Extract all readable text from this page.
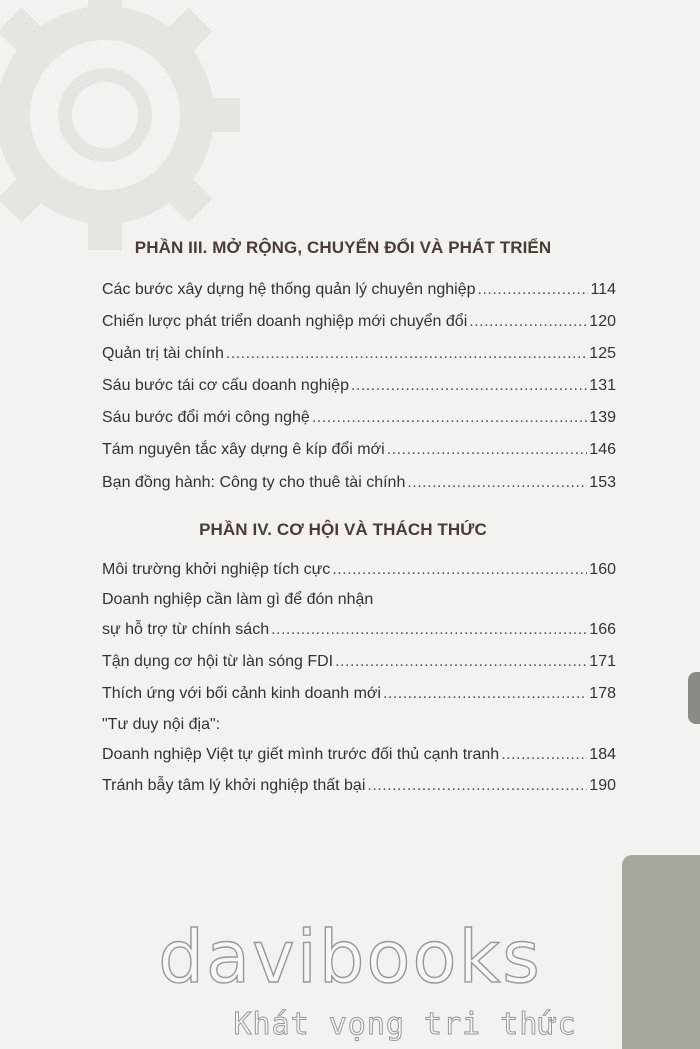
PHẦN III. MỞ RỘNG, CHUYỂN ĐỔI VÀ PHÁT TRIỂN
Các bước xây dựng hệ thống quản lý chuyên nghiệp .....	114
Chiến lược phát triển doanh nghiệp mới chuyển đổi .....	120
Quản trị tài chính .....	125
Sáu bước tái cơ cấu doanh nghiệp .....	131
Sáu bước đổi mới công nghệ .....	139
Tám nguyên tắc xây dựng ê kíp đổi mới .....	146
Bạn đồng hành: Công ty cho thuê tài chính .....	153
PHẦN IV. CƠ HỘI VÀ THÁCH THỨC
Môi trường khởi nghiệp tích cực .....	160
Doanh nghiệp cần làm gì để đón nhận
sự hỗ trợ từ chính sách .....	166
Tận dụng cơ hội từ làn sóng FDI .....	171
Thích ứng với bối cảnh kinh doanh mới .....	178
"Tư duy nội địa":
Doanh nghiệp Việt tự giết mình trước đối thủ cạnh tranh .....	184
Tránh bẫy tâm lý khởi nghiệp thất bại .....	190
davibooks
Khát vọng tri thức
